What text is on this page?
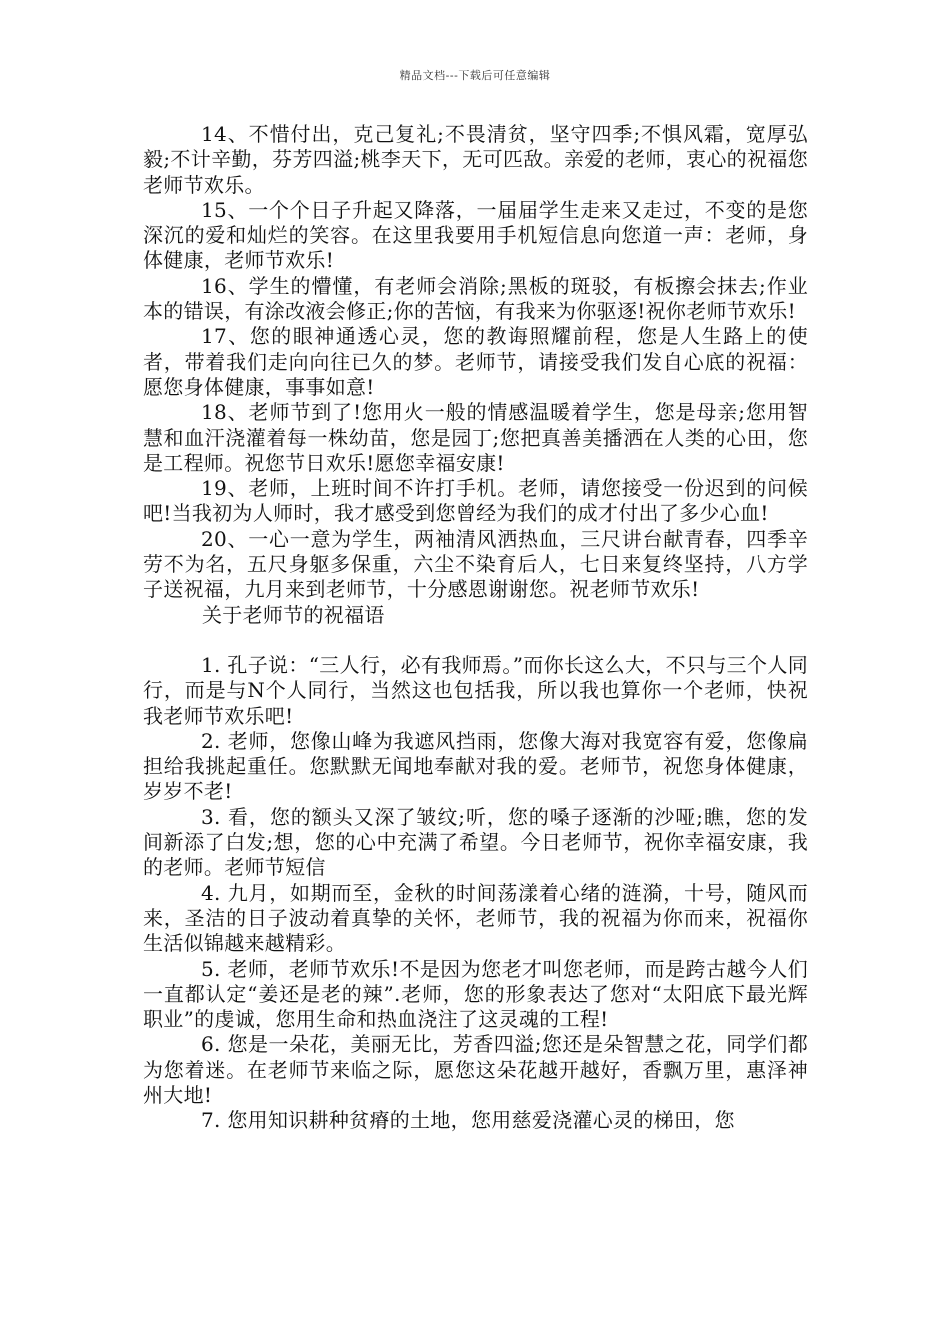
精品文档---下载后可任意编辑

14、不惜付出，克己复礼;不畏清贫，坚守四季;不惧风霜，宽厚弘毅;不计辛勤，芬芳四溢;桃李天下，无可匹敌。亲爱的老师，衷心的祝福您老师节欢乐。

15、一个个日子升起又降落，一届届学生走来又走过，不变的是您深沉的爱和灿烂的笑容。在这里我要用手机短信息向您道一声：老师，身体健康，老师节欢乐!

16、学生的懵懂，有老师会消除;黑板的斑驳，有板擦会抹去;作业本的错误，有涂改液会修正;你的苦恼，有我来为你驱逐!祝你老师节欢乐!

17、您的眼神通透心灵，您的教诲照耀前程，您是人生路上的使者，带着我们走向向往已久的梦。老师节，请接受我们发自心底的祝福：愿您身体健康，事事如意!

18、老师节到了!您用火一般的情感温暖着学生，您是母亲;您用智慧和血汗浇灌着每一株幼苗，您是园丁;您把真善美播洒在人类的心田，您是工程师。祝您节日欢乐!愿您幸福安康!

19、老师，上班时间不许打手机。老师，请您接受一份迟到的问候吧!当我初为人师时，我才感受到您曾经为我们的成才付出了多少心血!

20、一心一意为学生，两袖清风洒热血，三尺讲台献青春，四季辛劳不为名，五尺身躯多保重，六尘不染育后人，七日来复终坚持，八方学子送祝福，九月来到老师节，十分感恩谢谢您。祝老师节欢乐!

关于老师节的祝福语

1. 孔子说：“三人行，必有我师焉。”而你长这么大，不只与三个人同行，而是与N个人同行，当然这也包括我，所以我也算你一个老师，快祝我老师节欢乐吧!

2. 老师，您像山峰为我遮风挡雨，您像大海对我宽容有爱，您像扁担给我挑起重任。您默默无闻地奉献对我的爱。老师节，祝您身体健康，岁岁不老!

3. 看，您的额头又深了皱纹;听，您的嗓子逐渐的沙哑;瞧，您的发间新添了白发;想，您的心中充满了希望。今日老师节，祝你幸福安康，我的老师。老师节短信

4. 九月，如期而至，金秋的时间荡漾着心绪的涟漪，十号，随风而来，圣洁的日子波动着真挚的关怀，老师节，我的祝福为你而来，祝福你生活似锦越来越精彩。

5. 老师，老师节欢乐!不是因为您老才叫您老师，而是跨古越今人们一直都认定“姜还是老的辣”.老师，您的形象表达了您对“太阳底下最光辉职业”的虔诚，您用生命和热血浇注了这灵魂的工程!

6. 您是一朵花，美丽无比，芳香四溢;您还是朵智慧之花，同学们都为您着迷。在老师节来临之际，愿您这朵花越开越好，香飘万里，惠泽神州大地!

7. 您用知识耕种贫瘠的土地，您用慈爱浇灌心灵的梯田，您
